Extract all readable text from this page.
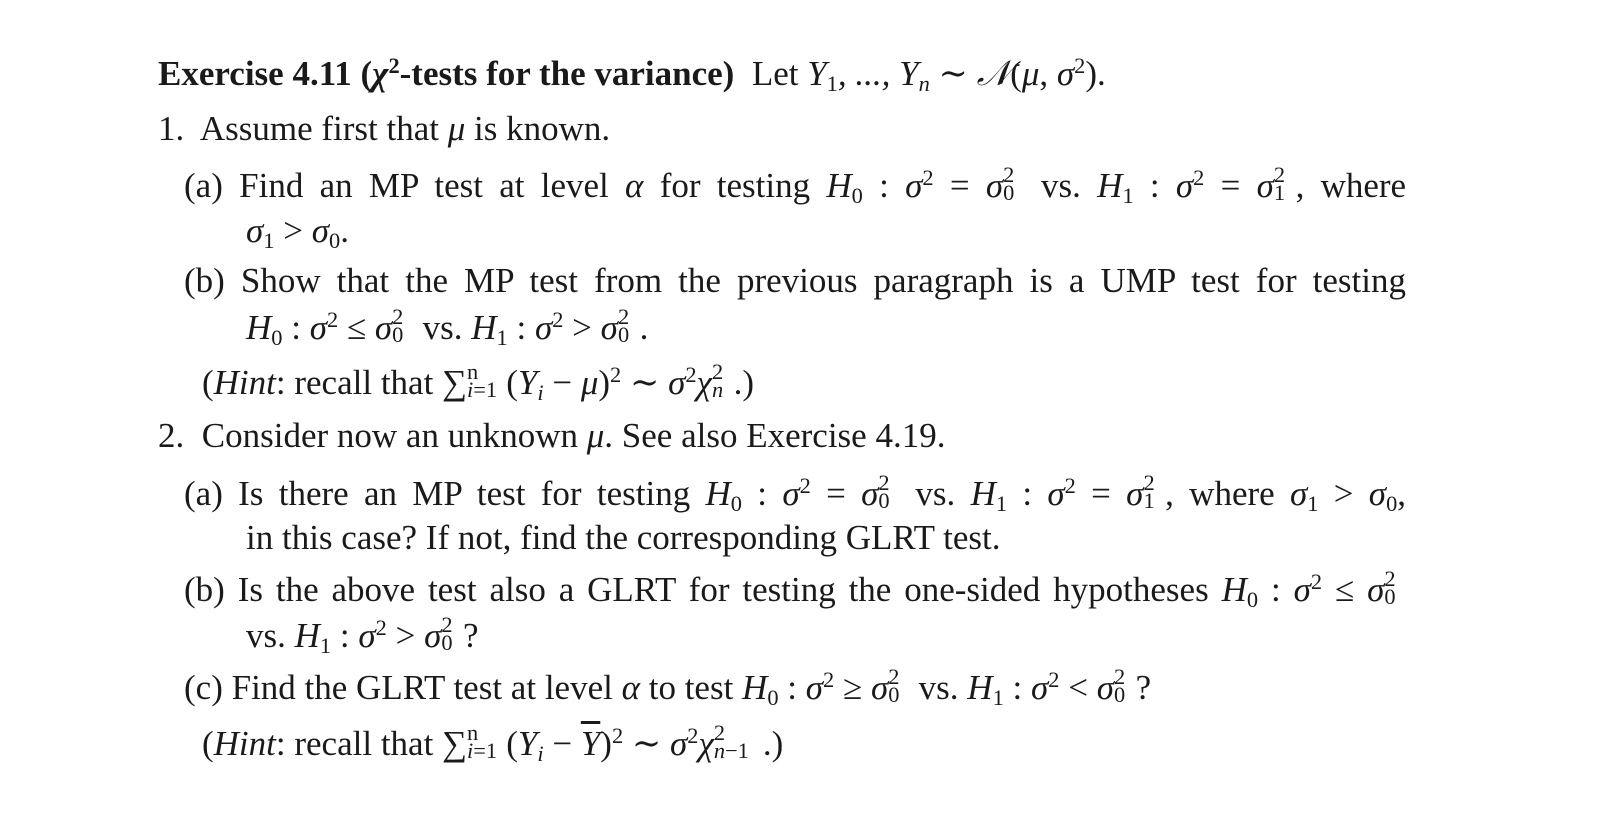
Exercise 4.11 ($\chi^2$-tests for the variance) Let $Y_1$, ..., $Y_n$ ∼ 𝒩(μ, $\sigma^2$).
1. Assume first that μ is known.
(a) Find an MP test at level α for testing $H_0$ : $\sigma^2 = \sigma$ 2
0 vs. $H_1$ : $\sigma^2 = \sigma$ 2
1 , where
$\sigma_1 > \sigma_0$.
(b) Show that the MP test from the previous paragraph is a UMP test for testing
$H_0$ : $\sigma^2 \le \sigma$ 2
0 vs. $H_1$ : $\sigma^2 > \sigma$ 2
0 .
(Hint: recall that ∑ n
i=1 $(Y_i - \mu)^2$ ∼ $\sigma^2\chi$ 2
n .)
2. Consider now an unknown μ. See also Exercise 4.19.
(a) Is there an MP test for testing $H_0$ : $\sigma^2 = \sigma$ 2
0 vs. $H_1$ : $\sigma^2 = \sigma$ 2
1 , where $\sigma_1 > \sigma_0$,
in this case? If not, find the corresponding GLRT test.
(b) Is the above test also a GLRT for testing the one-sided hypotheses $H_0$ : $\sigma^2 \le \sigma$ 2
0
vs. $H_1$ : $\sigma^2 > \sigma$ 2
0 ?
(c) Find the GLRT test at level α to test $H_0$ : $\sigma^2 \ge \sigma$ 2
0 vs. $H_1$ : $\sigma^2 < \sigma$ 2
0 ?
(Hint: recall that ∑ n
i=1 $(Y_i - \overline{Y})^2$ ∼ $\sigma^2\chi$ 2
n−1 .)
